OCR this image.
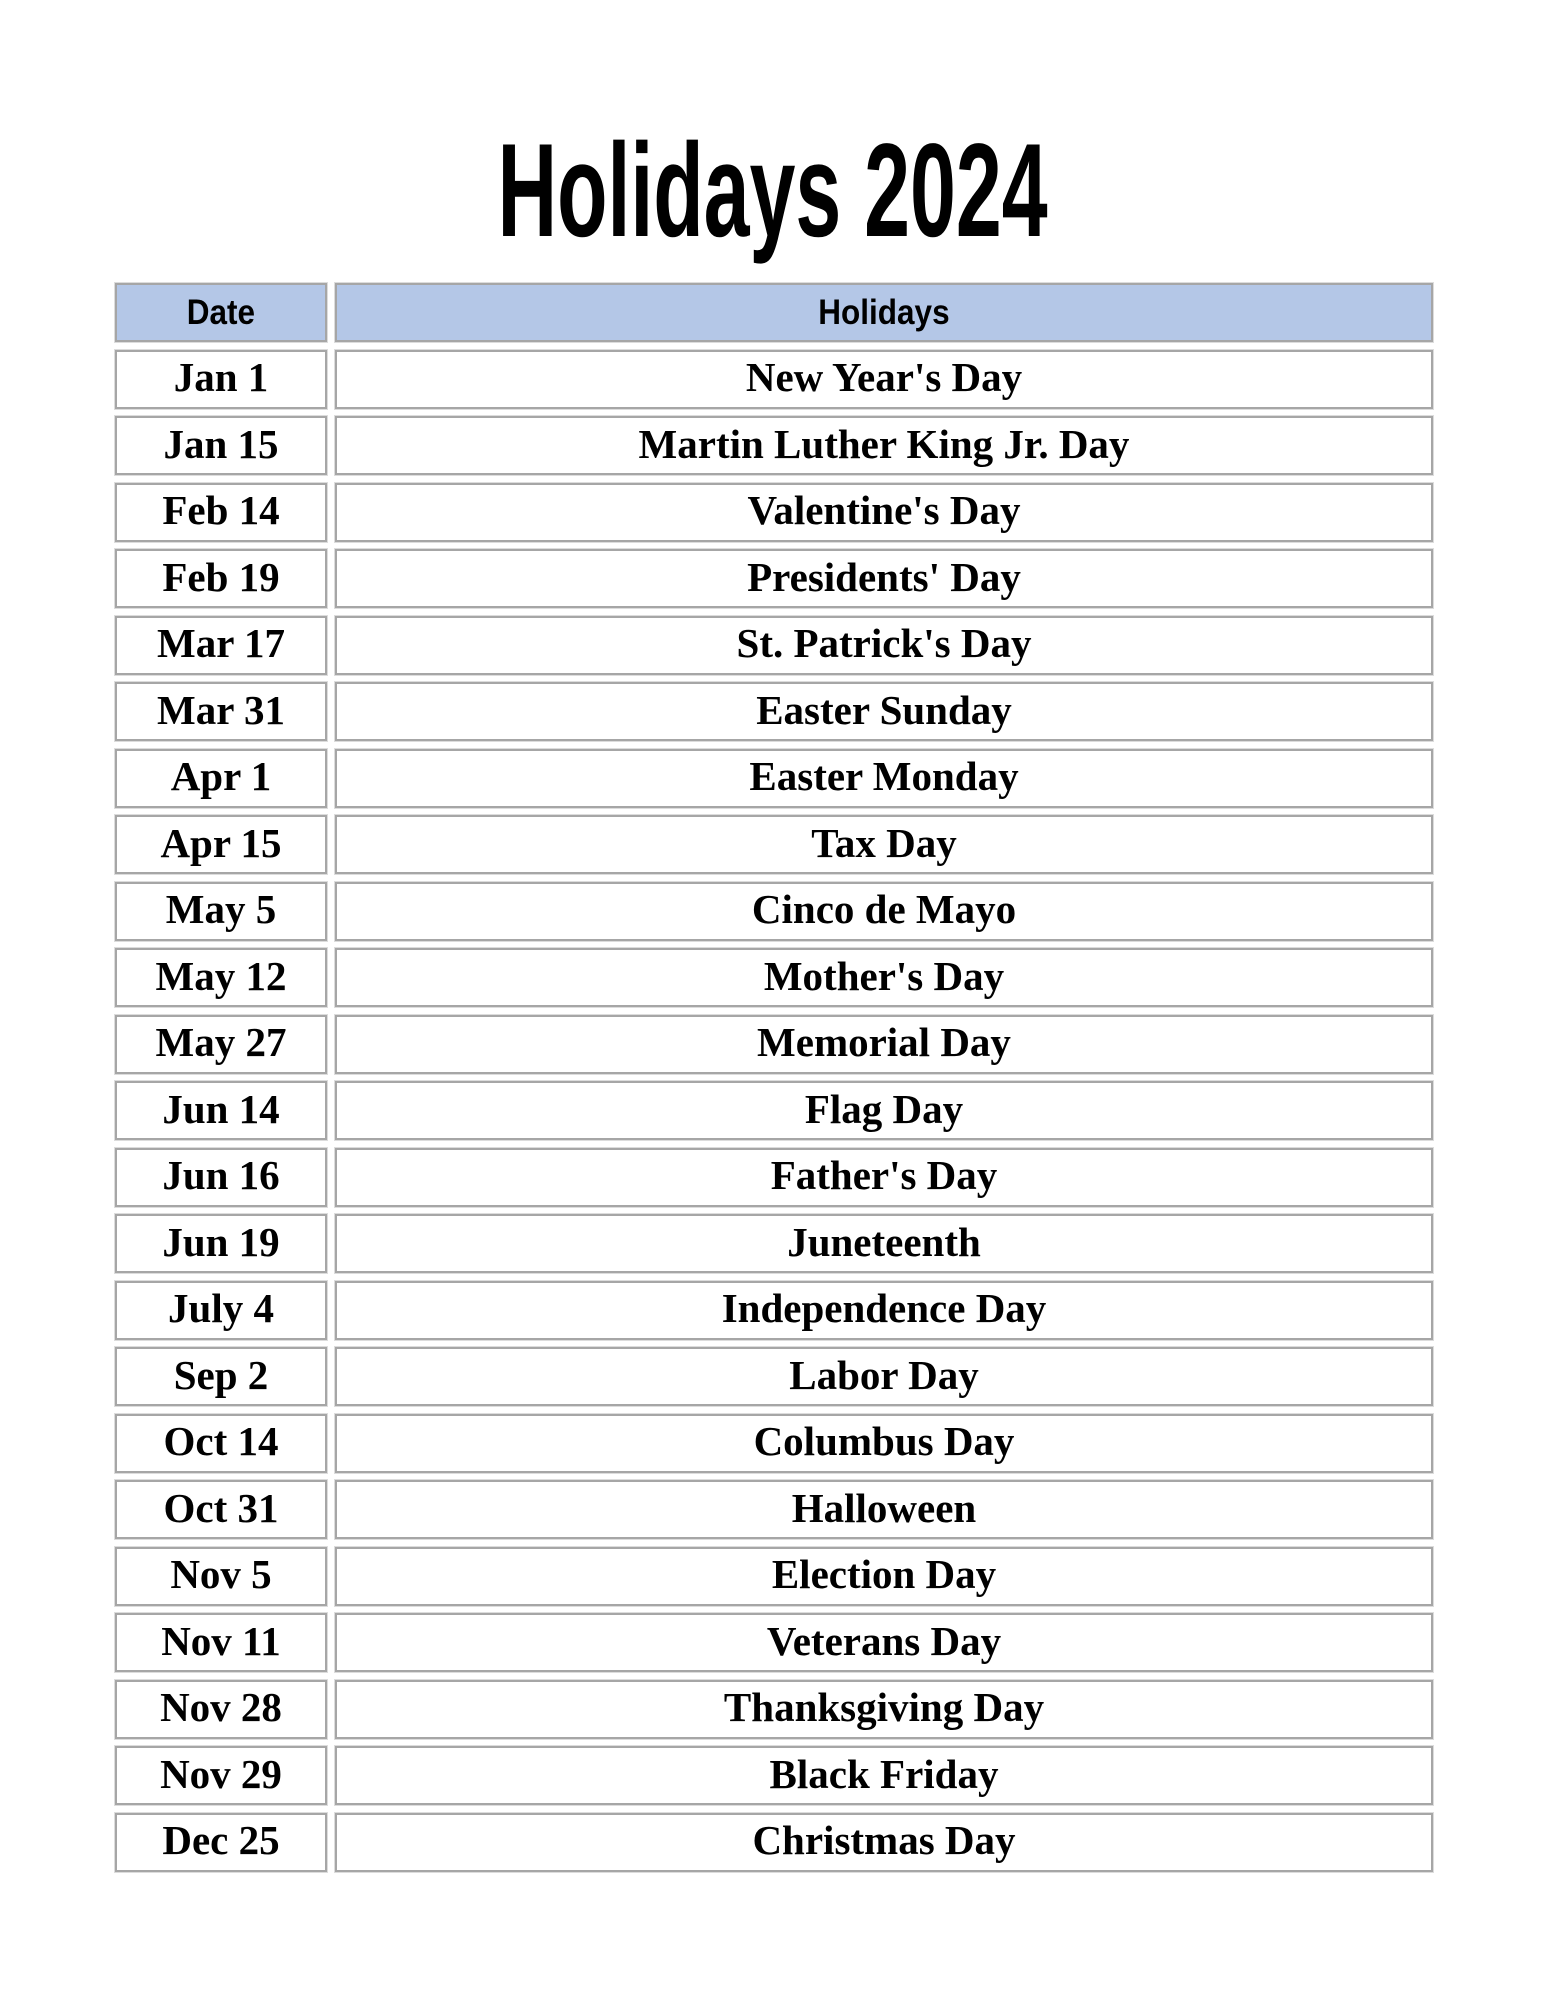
Holidays 2024
Date	Holidays
Jan 1	New Year's Day
Jan 15	Martin Luther King Jr. Day
Feb 14	Valentine's Day
Feb 19	Presidents' Day
Mar 17	St. Patrick's Day
Mar 31	Easter Sunday
Apr 1	Easter Monday
Apr 15	Tax Day
May 5	Cinco de Mayo
May 12	Mother's Day
May 27	Memorial Day
Jun 14	Flag Day
Jun 16	Father's Day
Jun 19	Juneteenth
July 4	Independence Day
Sep 2	Labor Day
Oct 14	Columbus Day
Oct 31	Halloween
Nov 5	Election Day
Nov 11	Veterans Day
Nov 28	Thanksgiving Day
Nov 29	Black Friday
Dec 25	Christmas Day
